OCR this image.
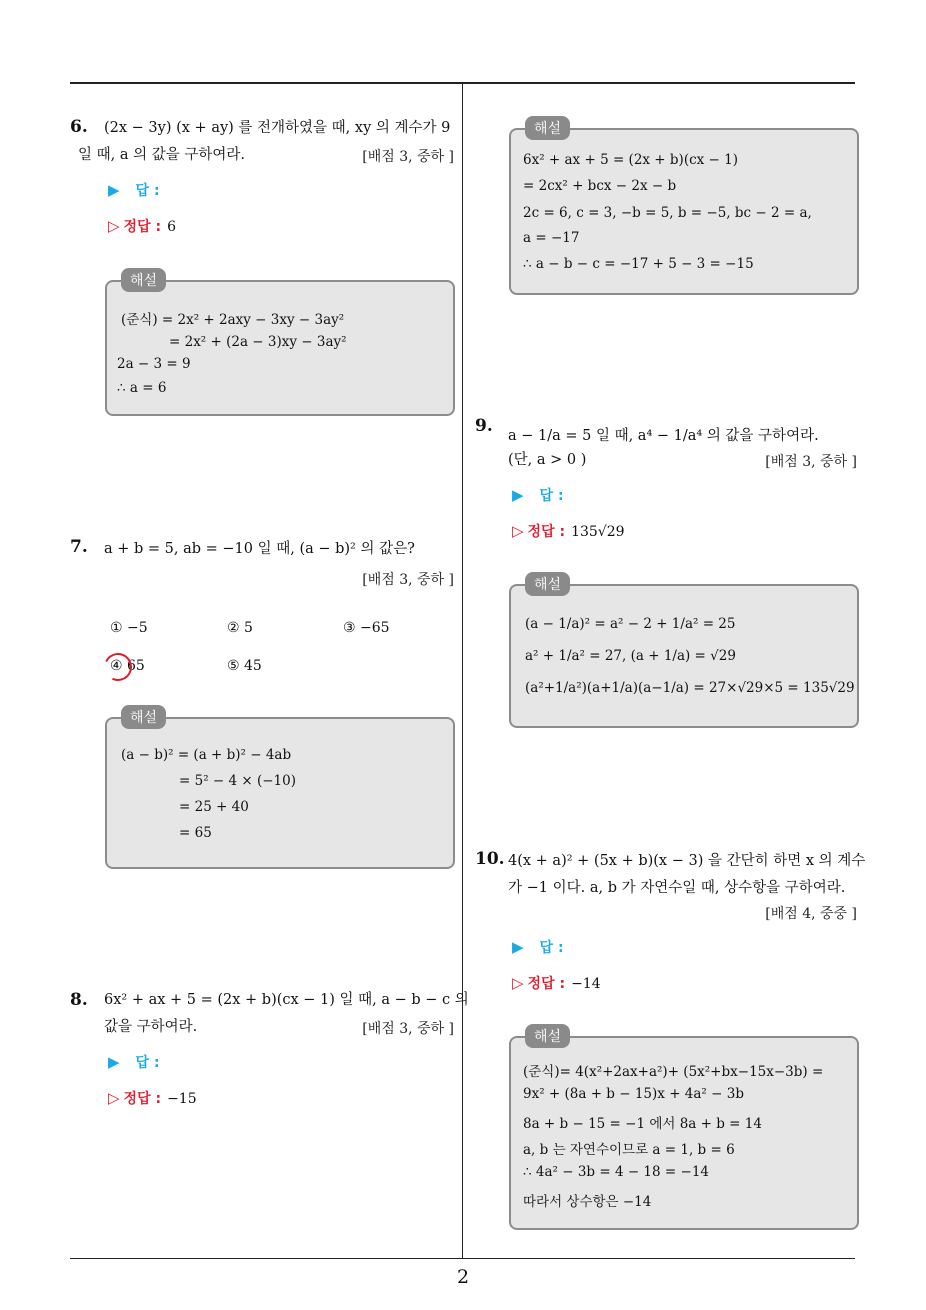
6. (2x − 3y) (x + ay) 를 전개하였을 때, xy 의 계수가 9
일 때, a 의 값을 구하여라.	[배점 3, 중하 ]
▶ 답 :
▷ 정답 : 6
해설
(준식) = 2x² + 2axy − 3xy − 3ay²
= 2x² + (2a − 3)xy − 3ay²
2a − 3 = 9
∴ a = 6
7. a + b = 5, ab = −10 일 때, (a − b)² 의 값은?
[배점 3, 중하 ]
① −5	② 5	③ −65
④ 65	⑤ 45
해설
(a − b)² = (a + b)² − 4ab
= 5² − 4 × (−10)
= 25 + 40
= 65
8. 6x² + ax + 5 = (2x + b)(cx − 1) 일 때, a − b − c 의
값을 구하여라.	[배점 3, 중하 ]
▶ 답 :
▷ 정답 : −15
해설
6x² + ax + 5 = (2x + b)(cx − 1)
= 2cx² + bcx − 2x − b
2c = 6, c = 3, −b = 5, b = −5, bc − 2 = a,
a = −17
∴ a − b − c = −17 + 5 − 3 = −15
9. a − 1/a = 5 일 때, a⁴ − 1/a⁴ 의 값을 구하여라.
(단, a > 0 )	[배점 3, 중하 ]
▶ 답 :
▷ 정답 : 135√29
해설
(a − 1/a)² = a² − 2 + 1/a² = 25
a² + 1/a² = 27, (a + 1/a) = √29
(a²+1/a²)(a+1/a)(a−1/a) = 27×√29×5 = 135√29
10. 4(x + a)² + (5x + b)(x − 3) 을 간단히 하면 x 의 계수
가 −1 이다. a, b 가 자연수일 때, 상수항을 구하여라.
[배점 4, 중중 ]
▶ 답 :
▷ 정답 : −14
해설
(준식)= 4(x²+2ax+a²)+ (5x²+bx−15x−3b) =
9x² + (8a + b − 15)x + 4a² − 3b
8a + b − 15 = −1 에서 8a + b = 14
a, b 는 자연수이므로 a = 1, b = 6
∴ 4a² − 3b = 4 − 18 = −14
따라서 상수항은 −14
2
